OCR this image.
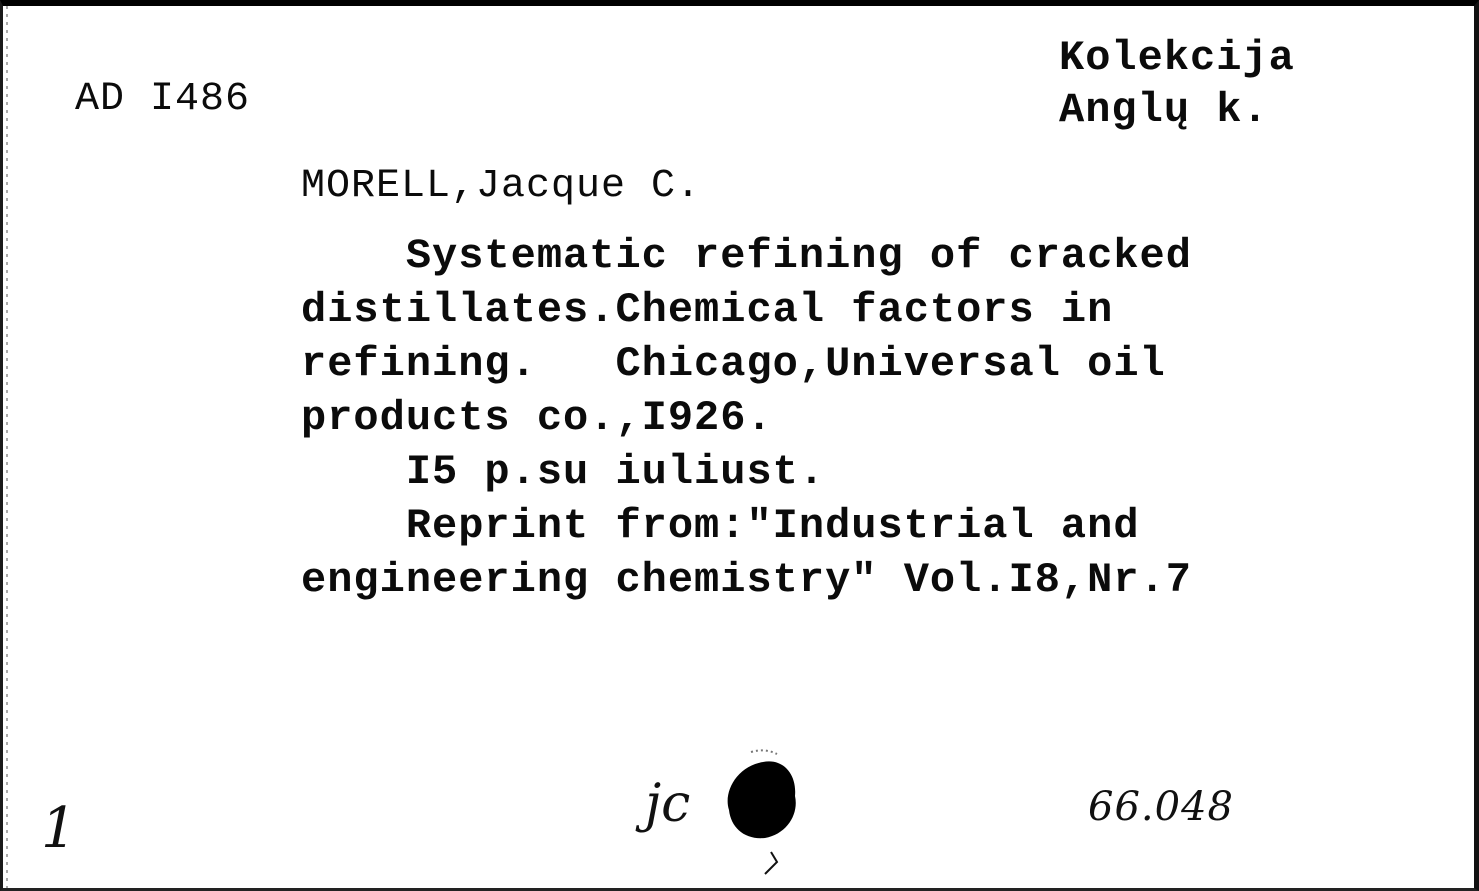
AD I486
Kolekcija
Anglų k.
MORELL,Jacque C.
Systematic refining of cracked
distillates.Chemical factors in
refining.   Chicago,Universal oil
products co.,I926.
I5 p.su iuliust.
Reprint from:"Industrial and
engineering chemistry" Vol.I8,Nr.7
1	jc	66.048
